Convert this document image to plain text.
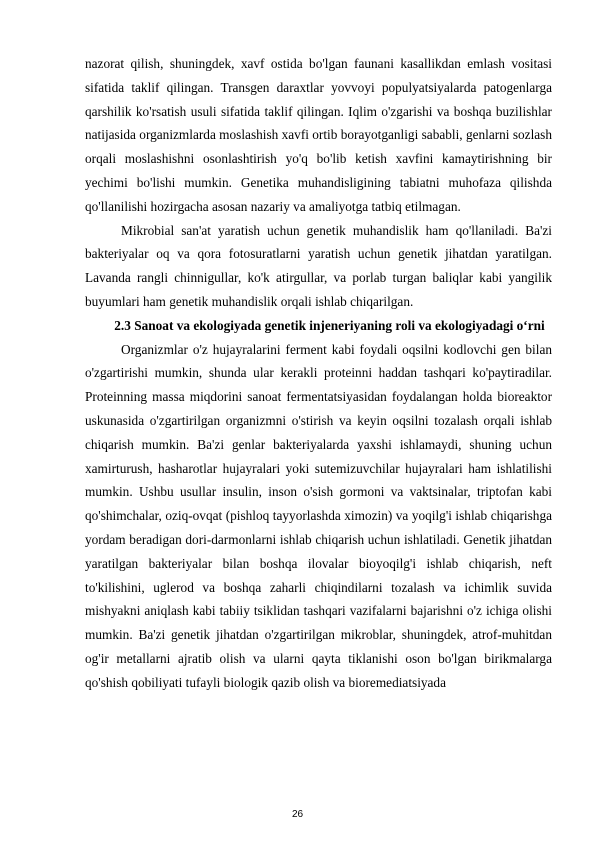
nazorat qilish, shuningdek, xavf ostida bo'lgan faunani kasallikdan emlash vositasi sifatida taklif qilingan. Transgen daraxtlar yovvoyi populyatsiyalarda patogenlarga qarshilik ko'rsatish usuli sifatida taklif qilingan. Iqlim o'zgarishi va boshqa buzilishlar natijasida organizmlarda moslashish xavfi ortib borayotganligi sababli, genlarni sozlash orqali moslashishni osonlashtirish yo'q bo'lib ketish xavfini kamaytirishning bir yechimi bo'lishi mumkin. Genetika muhandisligining tabiatni muhofaza qilishda qo'llanilishi hozirgacha asosan nazariy va amaliyotga tatbiq etilmagan.

Mikrobial san'at yaratish uchun genetik muhandislik ham qo'llaniladi. Ba'zi bakteriyalar oq va qora fotosuratlarni yaratish uchun genetik jihatdan yaratilgan. Lavanda rangli chinnigullar, ko'k atirgullar, va porlab turgan baliqlar kabi yangilik buyumlari ham genetik muhandislik orqali ishlab chiqarilgan.

2.3 Sanoat va ekologiyada genetik injeneriyaning roli va ekologiyadagi o‘rni

Organizmlar o'z hujayralarini ferment kabi foydali oqsilni kodlovchi gen bilan o'zgartirishi mumkin, shunda ular kerakli proteinni haddan tashqari ko'paytiradilar. Proteinning massa miqdorini sanoat fermentatsiyasidan foydalangan holda bioreaktor uskunasida o'zgartirilgan organizmni o'stirish va keyin oqsilni tozalash orqali ishlab chiqarish mumkin. Ba'zi genlar bakteriyalarda yaxshi ishlamaydi, shuning uchun xamirturush, hasharotlar hujayralari yoki sutemizuvchilar hujayralari ham ishlatilishi mumkin. Ushbu usullar insulin, inson o'sish gormoni va vaktsinalar, triptofan kabi qo'shimchalar, oziq-ovqat (pishloq tayyorlashda ximozin) va yoqilg'i ishlab chiqarishga yordam beradigan dori-darmonlarni ishlab chiqarish uchun ishlatiladi. Genetik jihatdan yaratilgan bakteriyalar bilan boshqa ilovalar bioyoqilg'i ishlab chiqarish, neft to'kilishini, uglerod va boshqa zaharli chiqindilarni tozalash va ichimlik suvida mishyakni aniqlash kabi tabiiy tsiklidan tashqari vazifalarni bajarishni o'z ichiga olishi mumkin. Ba'zi genetik jihatdan o'zgartirilgan mikroblar, shuningdek, atrof-muhitdan og'ir metallarni ajratib olish va ularni qayta tiklanishi oson bo'lgan birikmalarga qo'shish qobiliyati tufayli biologik qazib olish va bioremediatsiyada

26
